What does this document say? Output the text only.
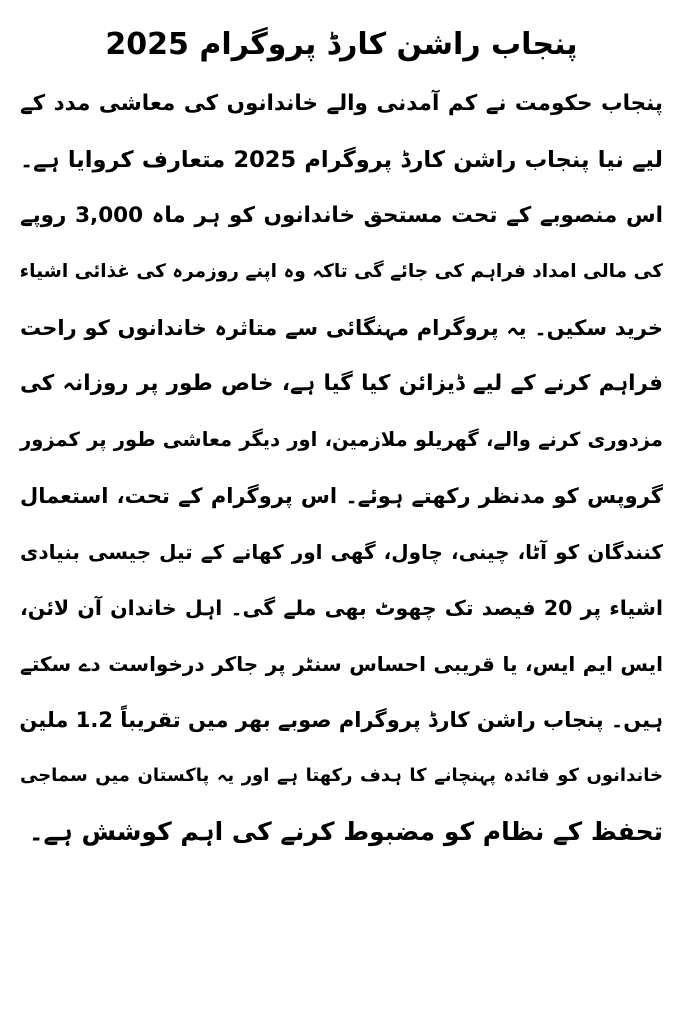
پنجاب راشن کارڈ پروگرام 2025
پنجاب حکومت نے کم آمدنی والے خاندانوں کی معاشی مدد کے
لیے نیا پنجاب راشن کارڈ پروگرام 2025 متعارف کروایا ہے۔
اس منصوبے کے تحت مستحق خاندانوں کو ہر ماہ 3,000 روپے
کی مالی امداد فراہم کی جائے گی تاکہ وہ اپنے روزمرہ کی غذائی اشیاء
خرید سکیں۔ یہ پروگرام مہنگائی سے متاثرہ خاندانوں کو راحت
فراہم کرنے کے لیے ڈیزائن کیا گیا ہے، خاص طور پر روزانہ کی
مزدوری کرنے والے، گھریلو ملازمین، اور دیگر معاشی طور پر کمزور
گروپس کو مدنظر رکھتے ہوئے۔ اس پروگرام کے تحت، استعمال
کنندگان کو آٹا، چینی، چاول، گھی اور کھانے کے تیل جیسی بنیادی
اشیاء پر 20 فیصد تک چھوٹ بھی ملے گی۔ اہل خاندان آن لائن،
ایس ایم ایس، یا قریبی احساس سنٹر پر جاکر درخواست دے سکتے
ہیں۔ پنجاب راشن کارڈ پروگرام صوبے بھر میں تقریباً 1.2 ملین
خاندانوں کو فائدہ پہنچانے کا ہدف رکھتا ہے اور یہ پاکستان میں سماجی
تحفظ کے نظام کو مضبوط کرنے کی اہم کوشش ہے۔
